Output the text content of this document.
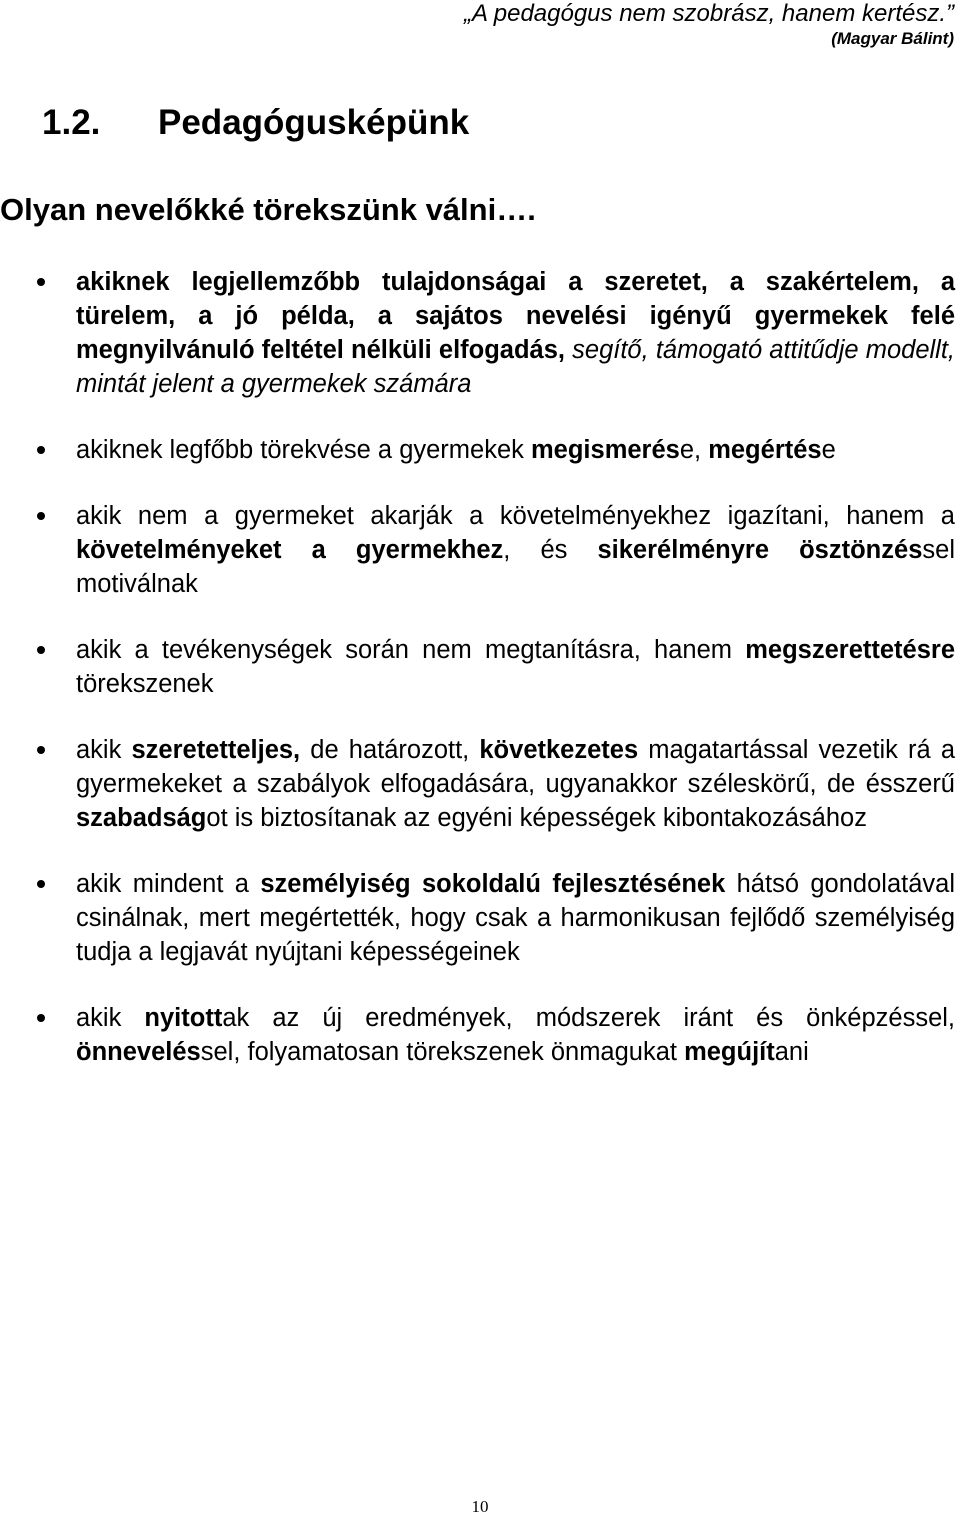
„A pedagógus nem szobrász, hanem kertész.”
(Magyar Bálint)
1.2. Pedagógusképünk

Olyan nevelőkké törekszünk válni….

akiknek legjellemzőbb tulajdonságai a szeretet, a szakértelem, a türelem, a jó példa, a sajátos nevelési igényű gyermekek felé megnyilvánuló feltétel nélküli elfogadás, segítő, támogató attitűdje modellt, mintát jelent a gyermekek számára
akiknek legfőbb törekvése a gyermekek megismerése, megértése
akik nem a gyermeket akarják a követelményekhez igazítani, hanem a követelményeket a gyermekhez, és sikerélményre ösztönzéssel motiválnak
akik a tevékenységek során nem megtanításra, hanem megszerettetésre törekszenek
akik szeretetteljes, de határozott, következetes magatartással vezetik rá a gyermekeket a szabályok elfogadására, ugyanakkor széleskörű, de ésszerű szabadságot is biztosítanak az egyéni képességek kibontakozásához
akik mindent a személyiség sokoldalú fejlesztésének hátsó gondolatával csinálnak, mert megértették, hogy csak a harmonikusan fejlődő személyiség tudja a legjavát nyújtani képességeinek
akik nyitottak az új eredmények, módszerek iránt és önképzéssel, önneveléssel, folyamatosan törekszenek önmagukat megújítani
10
